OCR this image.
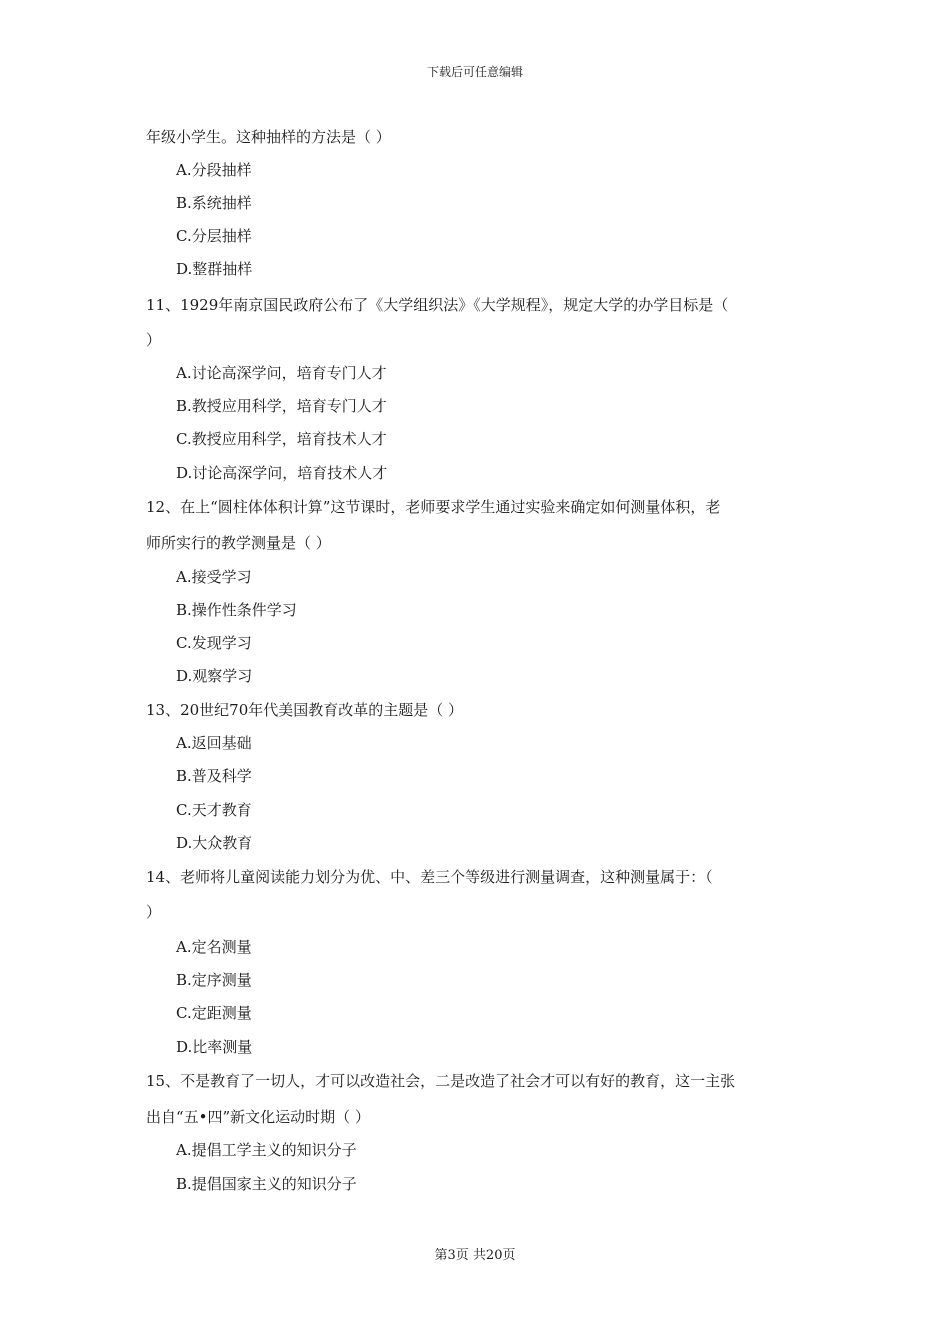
下载后可任意编辑
年级小学生。这种抽样的方法是（ ）
A.分段抽样
B.系统抽样
C.分层抽样
D.整群抽样
11、1929年南京国民政府公布了《大学组织法》《大学规程》，规定大学的办学目标是（
）
A.讨论高深学问，培育专门人才
B.教授应用科学，培育专门人才
C.教授应用科学，培育技术人才
D.讨论高深学问，培育技术人才
12、在上“圆柱体体积计算”这节课时，老师要求学生通过实验来确定如何测量体积，老
师所实行的教学测量是（ ）
A.接受学习
B.操作性条件学习
C.发现学习
D.观察学习
13、20世纪70年代美国教育改革的主题是（ ）
A.返回基础
B.普及科学
C.天才教育
D.大众教育
14、老师将儿童阅读能力划分为优、中、差三个等级进行测量调查，这种测量属于：（
）
A.定名测量
B.定序测量
C.定距测量
D.比率测量
15、不是教育了一切人，才可以改造社会，二是改造了社会才可以有好的教育，这一主张
出自“五•四”新文化运动时期（ ）
A.提倡工学主义的知识分子
B.提倡国家主义的知识分子
第3页 共20页
